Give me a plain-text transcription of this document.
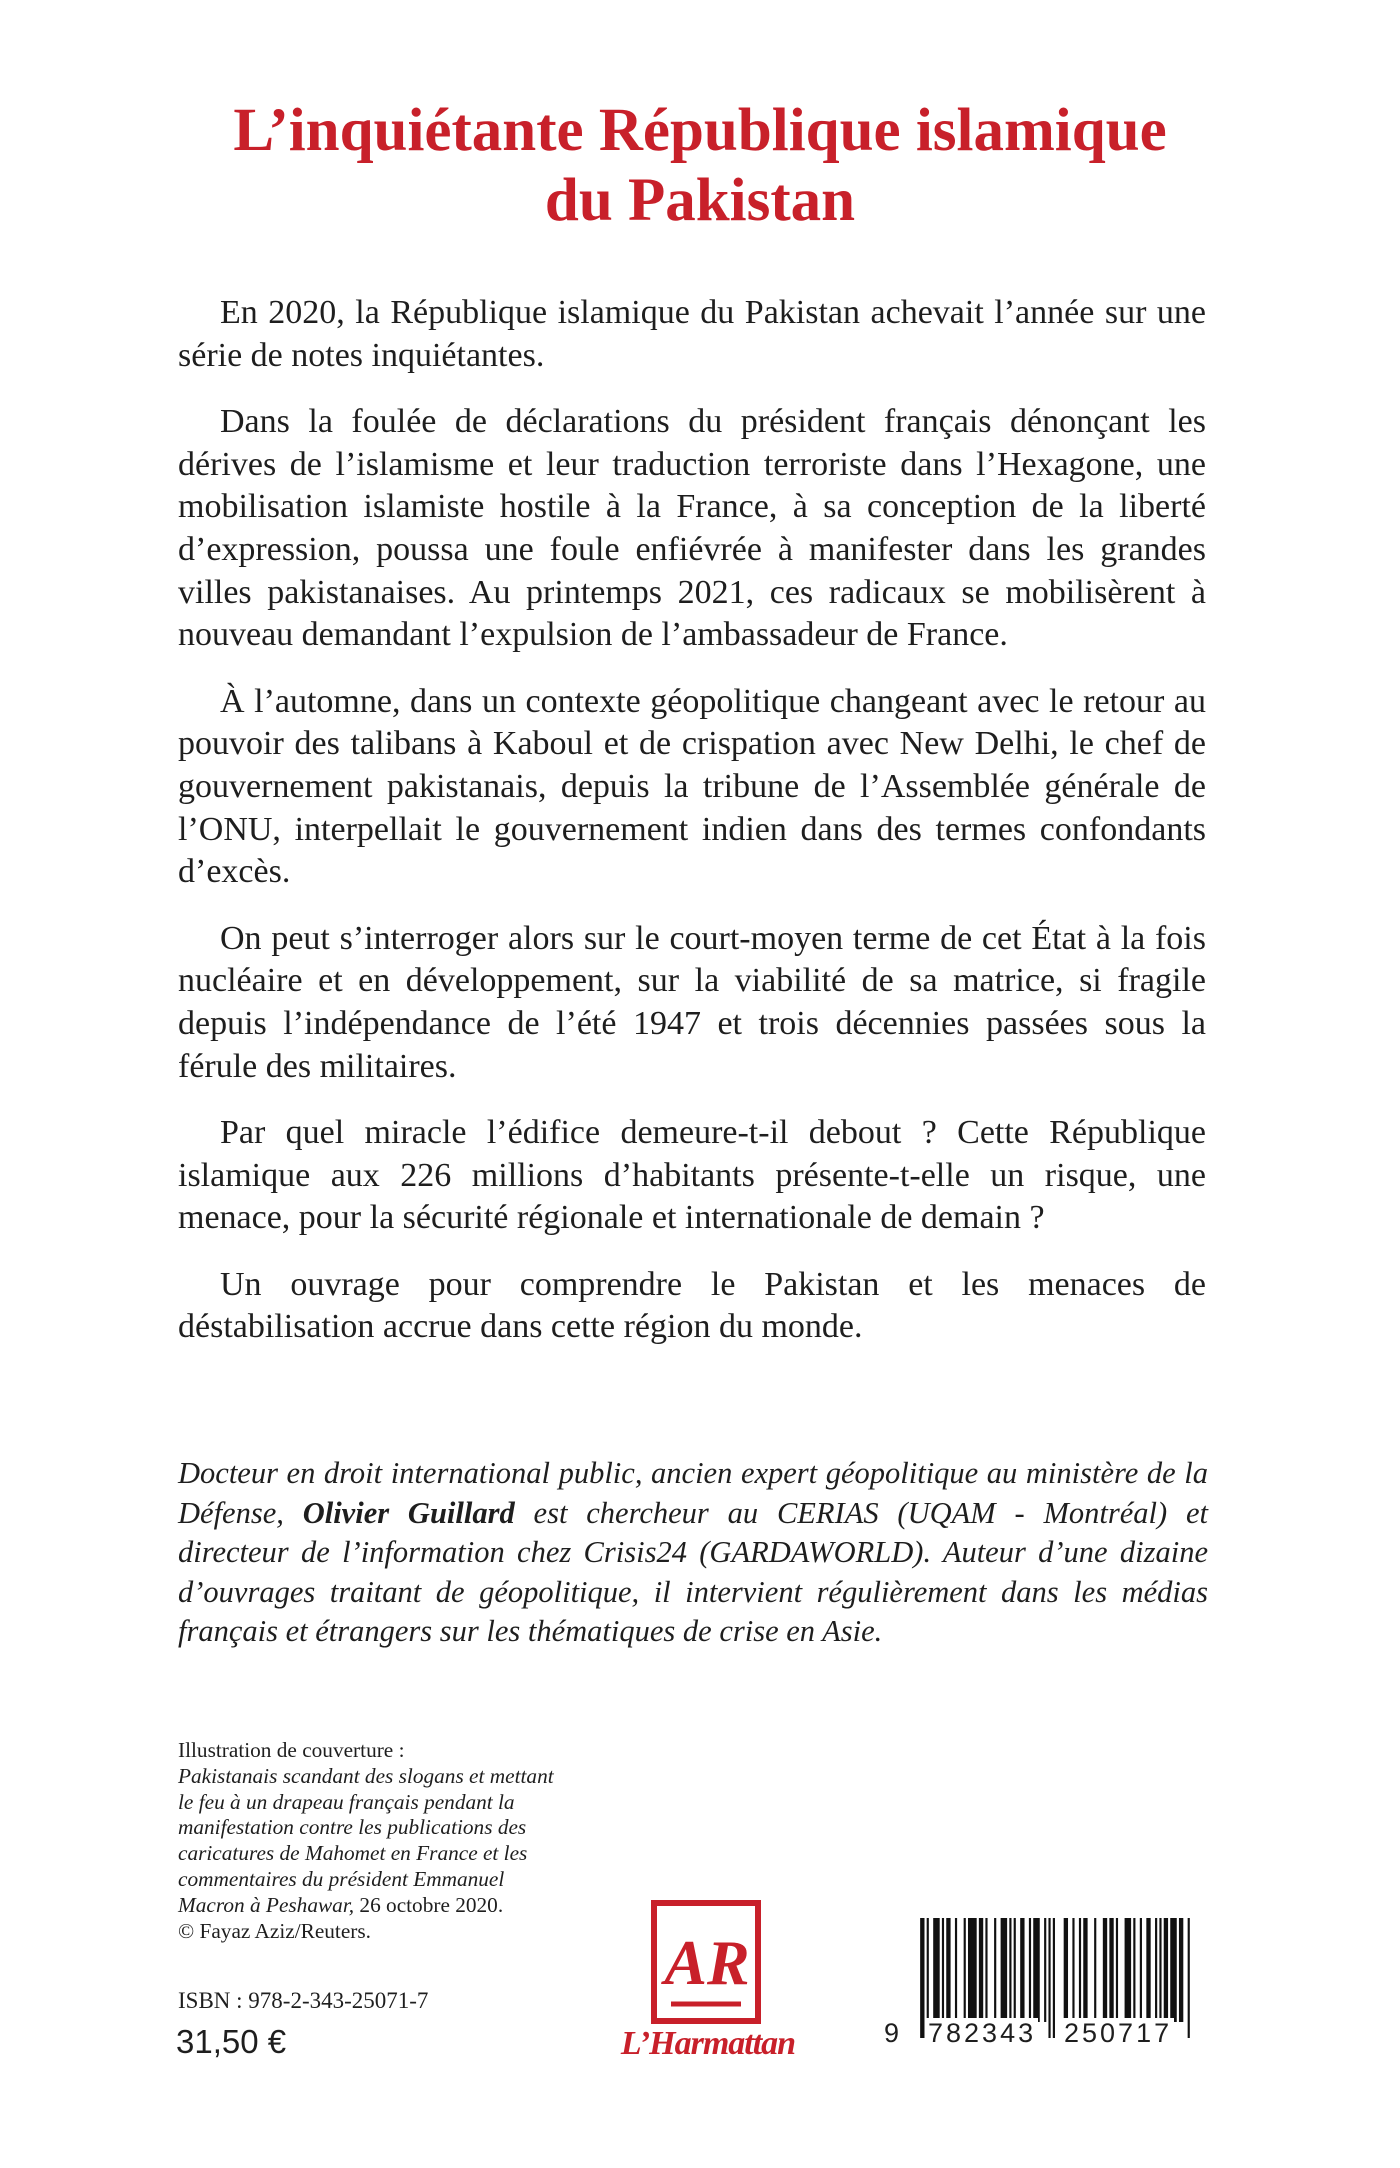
L’inquiétante République islamique
du Pakistan

En 2020, la République islamique du Pakistan achevait l’année sur une série de notes inquiétantes.

Dans la foulée de déclarations du président français dénonçant les dérives de l’islamisme et leur traduction terroriste dans l’Hexagone, une mobilisation islamiste hostile à la France, à sa conception de la liberté d’expression, poussa une foule enfiévrée à manifester dans les grandes villes pakistanaises. Au printemps 2021, ces radicaux se mobilisèrent à nouveau demandant l’expulsion de l’ambassadeur de France.

À l’automne, dans un contexte géopolitique changeant avec le retour au pouvoir des talibans à Kaboul et de crispation avec New Delhi, le chef de gouvernement pakistanais, depuis la tribune de l’Assemblée générale de l’ONU, interpellait le gouvernement indien dans des termes confondants d’excès.

On peut s’interroger alors sur le court-moyen terme de cet État à la fois nucléaire et en développement, sur la viabilité de sa matrice, si fragile depuis l’indépendance de l’été 1947 et trois décennies passées sous la férule des militaires.

Par quel miracle l’édifice demeure-t-il debout ? Cette République islamique aux 226 millions d’habitants présente-t-elle un risque, une menace, pour la sécurité régionale et internationale de demain ?

Un ouvrage pour comprendre le Pakistan et les menaces de déstabilisation accrue dans cette région du monde.

Docteur en droit international public, ancien expert géopolitique au ministère de la Défense, Olivier Guillard est chercheur au CERIAS (UQAM - Montréal) et directeur de l’information chez Crisis24 (GARDAWORLD). Auteur d’une dizaine d’ouvrages traitant de géopolitique, il intervient régulièrement dans les médias français et étrangers sur les thématiques de crise en Asie.

Illustration de couverture :
Pakistanais scandant des slogans et mettant
le feu à un drapeau français pendant la
manifestation contre les publications des
caricatures de Mahomet en France et les
commentaires du président Emmanuel
Macron à Peshawar, 26 octobre 2020.
© Fayaz Aziz/Reuters.
ISBN : 978-2-343-25071-7
31,50 €
AR
L’Harmattan	9 782343 250717
